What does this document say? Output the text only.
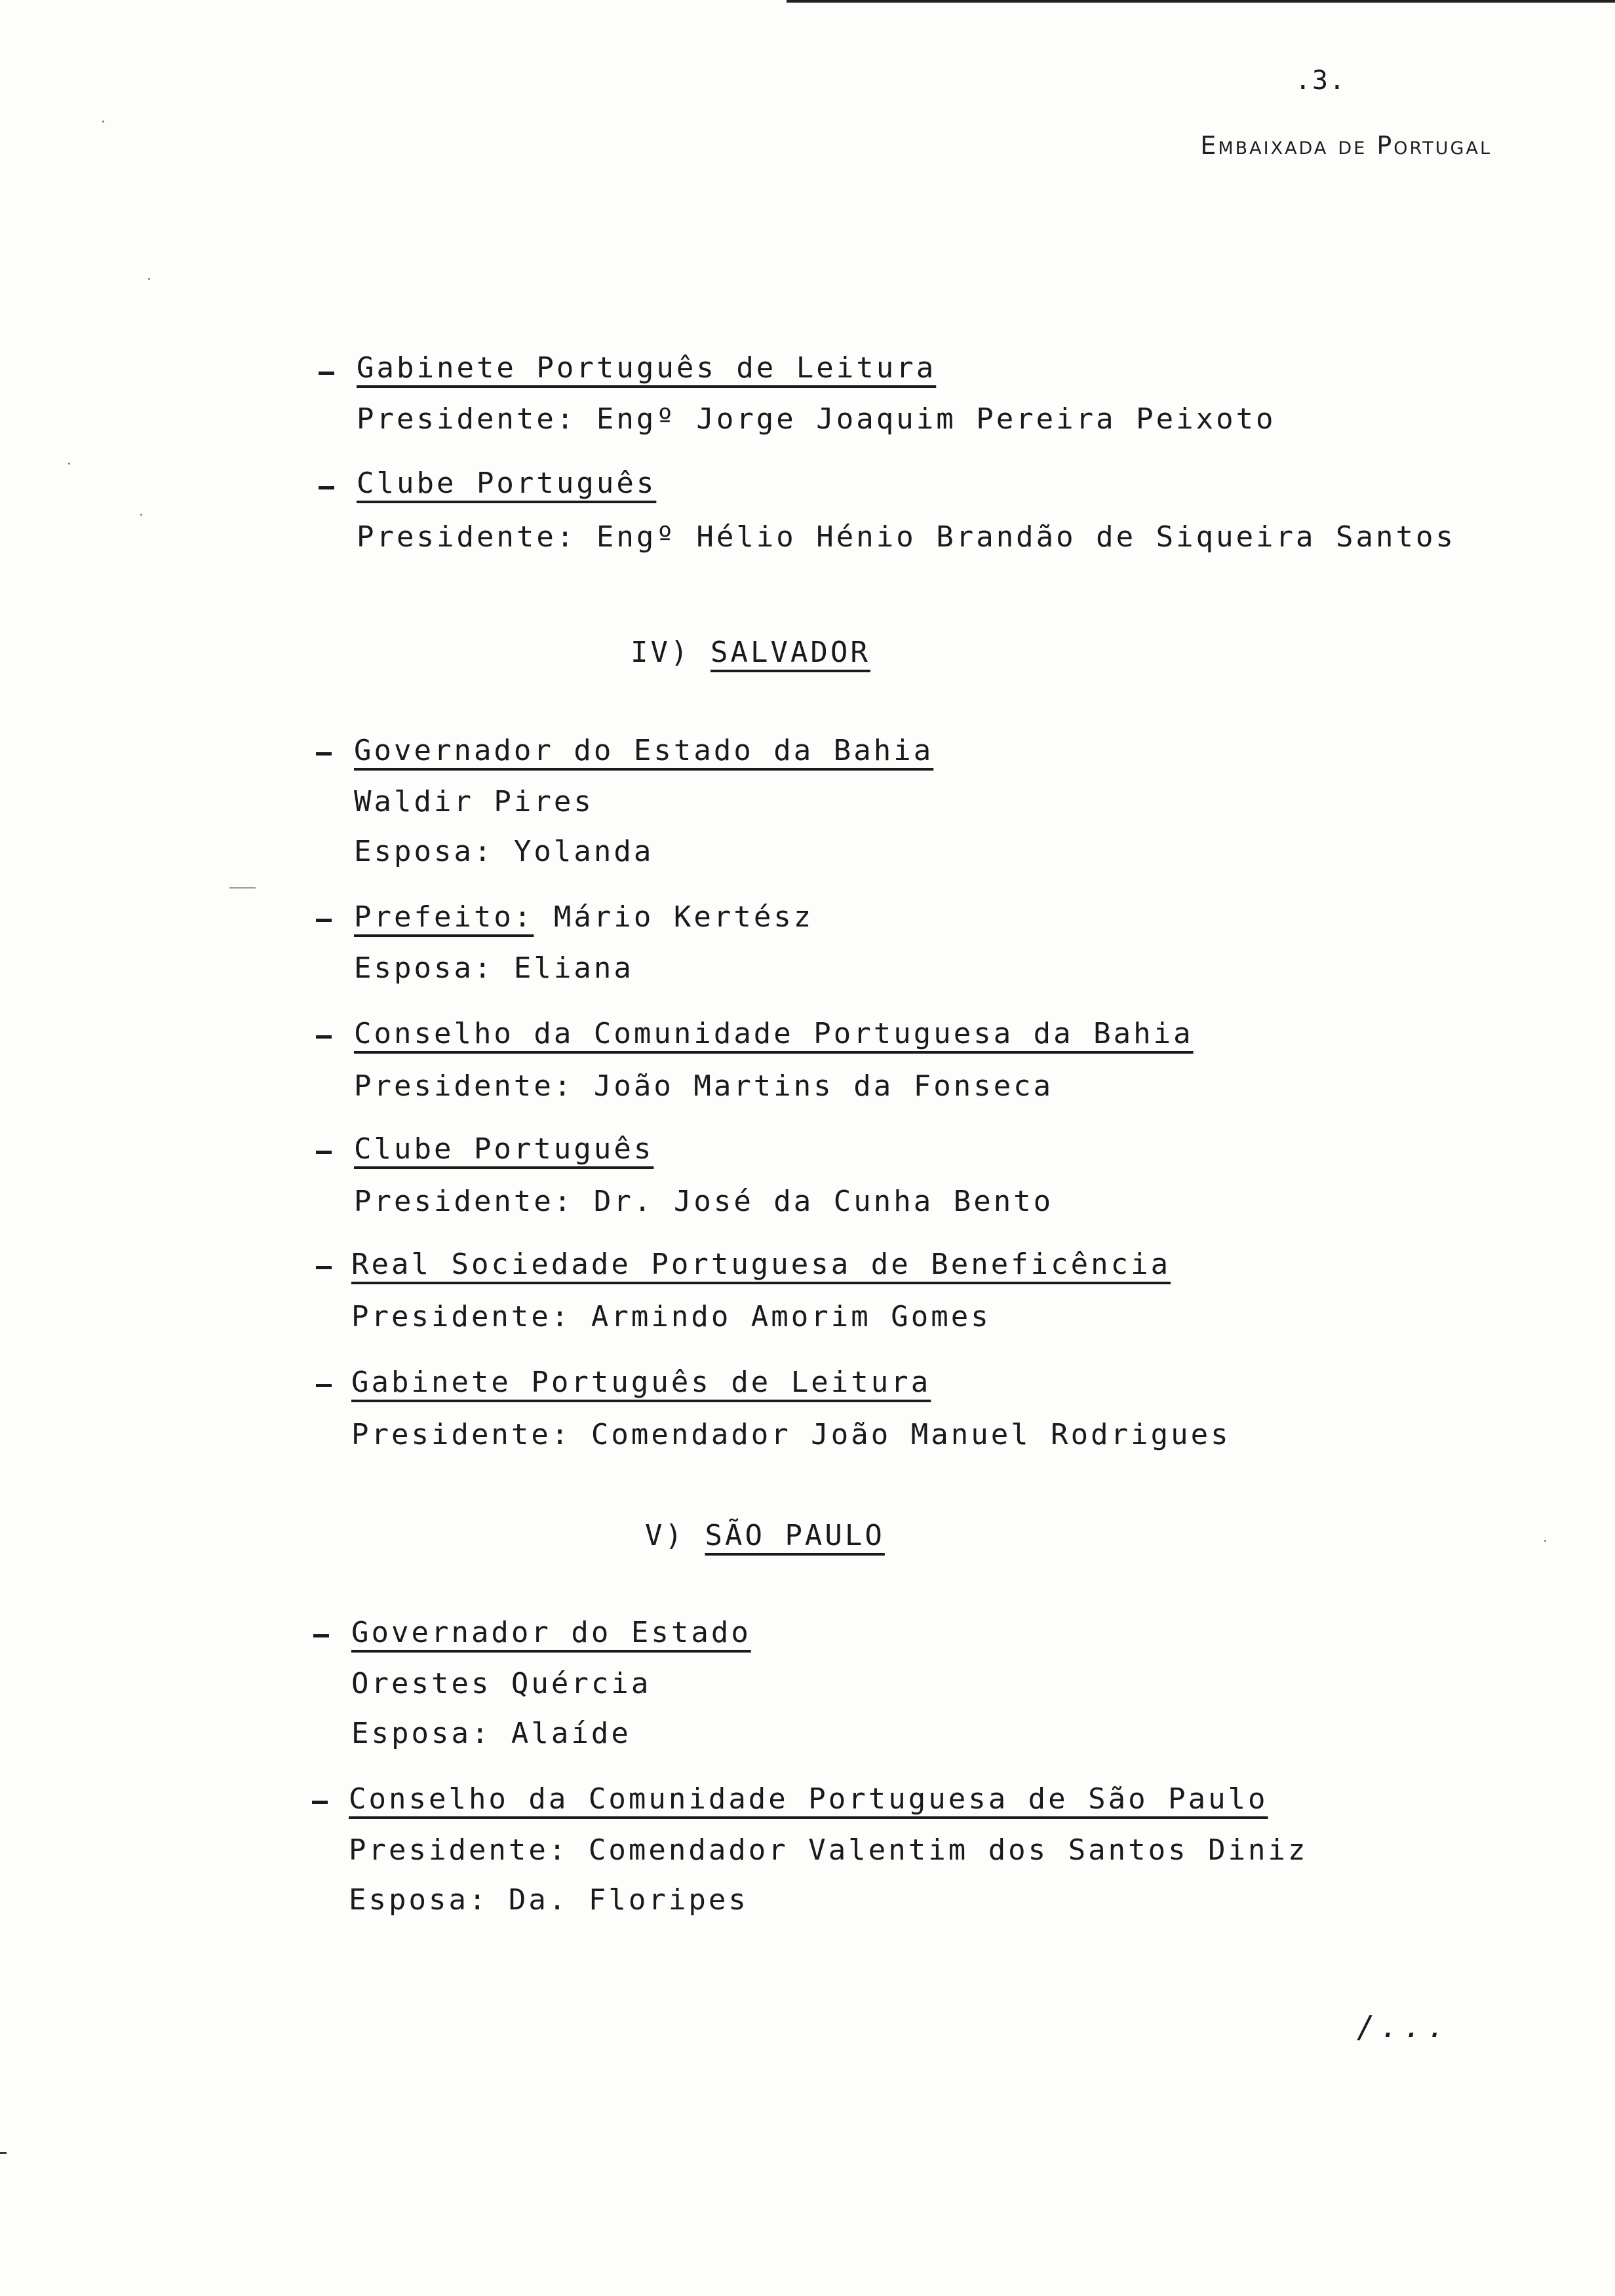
.3.
Embaixada de Portugal
Gabinete Português de Leitura
Presidente: Engº Jorge Joaquim Pereira Peixoto
Clube Português
Presidente: Engº Hélio Hénio Brandão de Siqueira Santos
IV) SALVADOR
Governador do Estado da Bahia
Waldir Pires
Esposa: Yolanda
Prefeito: Mário Kertész
Esposa: Eliana
Conselho da Comunidade Portuguesa da Bahia
Presidente: João Martins da Fonseca
Clube Português
Presidente: Dr. José da Cunha Bento
Real Sociedade Portuguesa de Beneficência
Presidente: Armindo Amorim Gomes
Gabinete Português de Leitura
Presidente: Comendador João Manuel Rodrigues
V) SÃO PAULO
Governador do Estado
Orestes Quércia
Esposa: Alaíde
Conselho da Comunidade Portuguesa de São Paulo
Presidente: Comendador Valentim dos Santos Diniz
Esposa: Da. Floripes
/...
